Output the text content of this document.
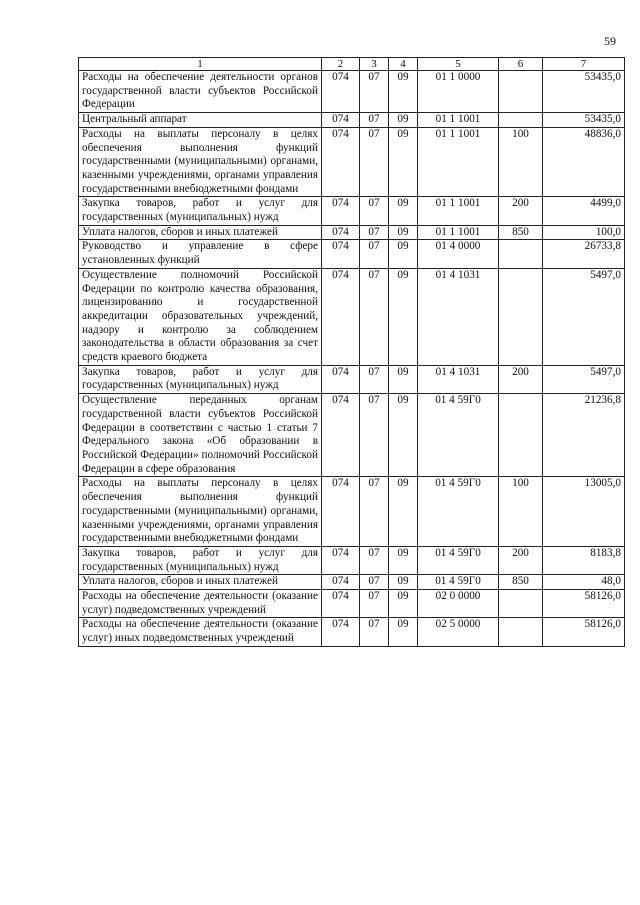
59
1	2	3	4	5	6	7
Расходы на обеспечение деятельности органов государственной власти субъектов Российской Федерации	074	07	09	01 1 0000		53435,0
Центральный аппарат	074	07	09	01 1 1001		53435,0
Расходы на выплаты персоналу в целях обеспечения выполнения функций государственными (муниципальными) органами, казенными учреждениями, органами управления государственными внебюджетными фондами	074	07	09	01 1 1001	100	48836,0
Закупка товаров, работ и услуг для государственных (муниципальных) нужд	074	07	09	01 1 1001	200	4499,0
Уплата налогов, сборов и иных платежей	074	07	09	01 1 1001	850	100,0
Руководство и управление в сфере установленных функций	074	07	09	01 4 0000		26733,8
Осуществление полномочий Российской Федерации по контролю качества образования, лицензированию и государственной аккредитации образовательных учреждений, надзору и контролю за соблюдением законодательства в области образования за счет средств краевого бюджета	074	07	09	01 4 1031		5497,0
Закупка товаров, работ и услуг для государственных (муниципальных) нужд	074	07	09	01 4 1031	200	5497,0
Осуществление переданных органам государственной власти субъектов Российской Федерации в соответствии с частью 1 статьи 7 Федерального закона «Об образовании в Российской Федерации» полномочий Российской Федерации в сфере образования	074	07	09	01 4 59Г0		21236,8
Расходы на выплаты персоналу в целях обеспечения выполнения функций государственными (муниципальными) органами, казенными учреждениями, органами управления государственными внебюджетными фондами	074	07	09	01 4 59Г0	100	13005,0
Закупка товаров, работ и услуг для государственных (муниципальных) нужд	074	07	09	01 4 59Г0	200	8183,8
Уплата налогов, сборов и иных платежей	074	07	09	01 4 59Г0	850	48,0
Расходы на обеспечение деятельности (оказание услуг) подведомственных учреждений	074	07	09	02 0 0000		58126,0
Расходы на обеспечение деятельности (оказание услуг) иных подведомственных учреждений	074	07	09	02 5 0000		58126,0
